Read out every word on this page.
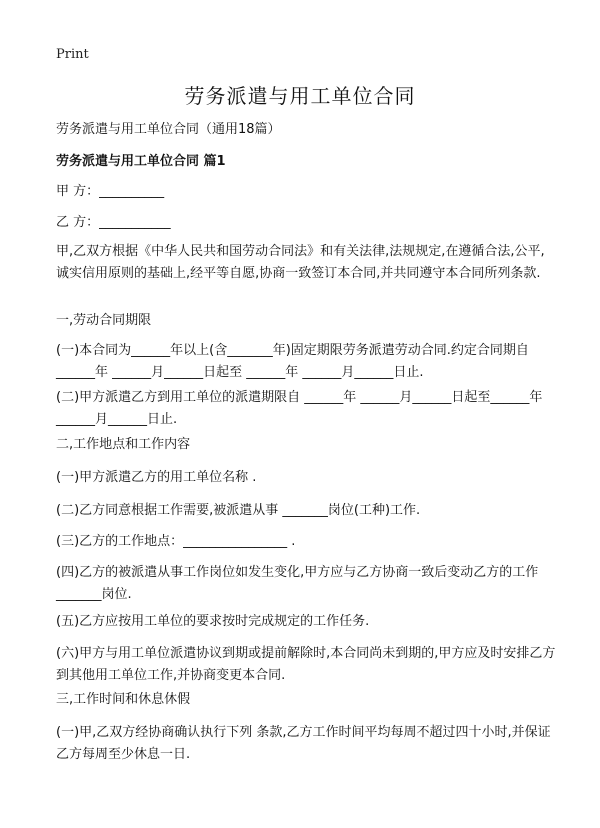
Print
劳务派遣与用工单位合同
劳务派遣与用工单位合同（通用18篇）
劳务派遣与用工单位合同 篇1
甲 方：__________
乙 方：___________
甲,乙双方根据《中华人民共和国劳动合同法》和有关法律,法规规定,在遵循合法,公平,诚实信用原则的基础上,经平等自愿,协商一致签订本合同,并共同遵守本合同所列条款.
一,劳动合同期限
(一)本合同为______年以上(含_______年)固定期限劳务派遣劳动合同.约定合同期自 ______年 ______月______日起至 ______年 ______月______日止.
(二)甲方派遣乙方到用工单位的派遣期限自 ______年 ______月______日起至______年 ______月______日止.
二,工作地点和工作内容
(一)甲方派遣乙方的用工单位名称 .
(二)乙方同意根据工作需要,被派遣从事 _______岗位(工种)工作.
(三)乙方的工作地点：________________ .
(四)乙方的被派遣从事工作岗位如发生变化,甲方应与乙方协商一致后变动乙方的工作_______岗位.
(五)乙方应按用工单位的要求按时完成规定的工作任务.
(六)甲方与用工单位派遣协议到期或提前解除时,本合同尚未到期的,甲方应及时安排乙方到其他用工单位工作,并协商变更本合同.
三,工作时间和休息休假
(一)甲,乙双方经协商确认执行下列 条款,乙方工作时间平均每周不超过四十小时,并保证乙方每周至少休息一日.
